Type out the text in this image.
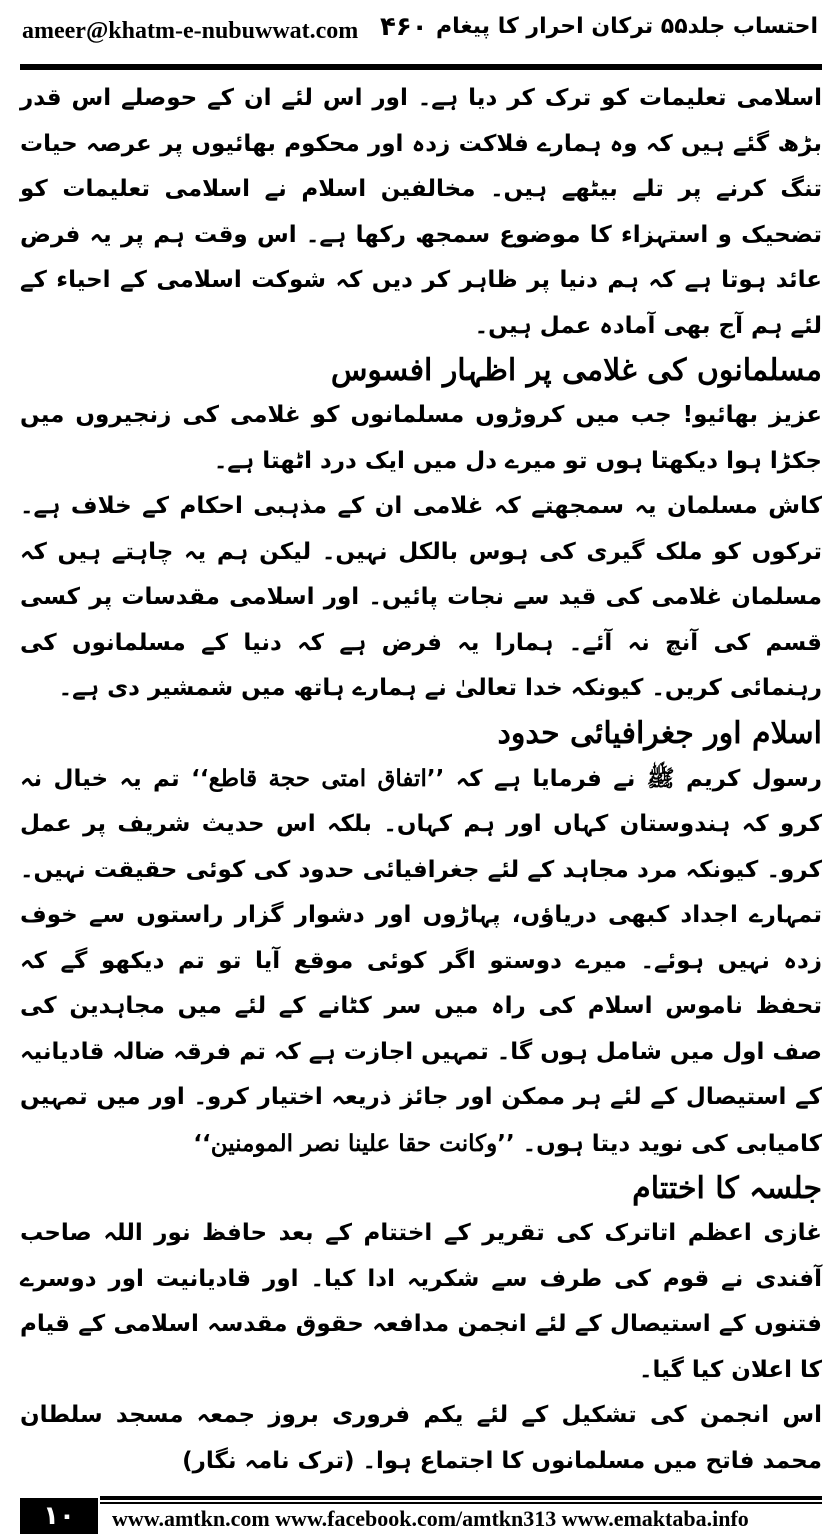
ameer@khatm-e-nubuwwat.com ۴۶۰ احتساب جلد۵۵ ترکان احرار کا پیغام

اسلامی تعلیمات کو ترک کر دیا ہے۔ اور اس لئے ان کے حوصلے اس قدر بڑھ گئے ہیں کہ وہ ہمارے فلاکت زدہ اور محکوم بھائیوں پر عرصہ حیات تنگ کرنے پر تلے بیٹھے ہیں۔ مخالفین اسلام نے اسلامی تعلیمات کو تضحیک و استہزاء کا موضوع سمجھ رکھا ہے۔ اس وقت ہم پر یہ فرض عائد ہوتا ہے کہ ہم دنیا پر ظاہر کر دیں کہ شوکت اسلامی کے احیاء کے لئے ہم آج بھی آمادہ عمل ہیں۔

مسلمانوں کی غلامی پر اظہار افسوس

عزیز بھائیو! جب میں کروڑوں مسلمانوں کو غلامی کی زنجیروں میں جکڑا ہوا دیکھتا ہوں تو میرے دل میں ایک درد اٹھتا ہے۔

کاش مسلمان یہ سمجھتے کہ غلامی ان کے مذہبی احکام کے خلاف ہے۔ ترکوں کو ملک گیری کی ہوس بالکل نہیں۔ لیکن ہم یہ چاہتے ہیں کہ مسلمان غلامی کی قید سے نجات پائیں۔ اور اسلامی مقدسات پر کسی قسم کی آنچ نہ آئے۔ ہمارا یہ فرض ہے کہ دنیا کے مسلمانوں کی رہنمائی کریں۔ کیونکہ خدا تعالیٰ نے ہمارے ہاتھ میں شمشیر دی ہے۔

اسلام اور جغرافیائی حدود

رسول کریم ﷺ نے فرمایا ہے کہ ’’اتفاق امتی حجة قاطع‘‘ تم یہ خیال نہ کرو کہ ہندوستان کہاں اور ہم کہاں۔ بلکہ اس حدیث شریف پر عمل کرو۔ کیونکہ مرد مجاہد کے لئے جغرافیائی حدود کی کوئی حقیقت نہیں۔ تمہارے اجداد کبھی دریاؤں، پہاڑوں اور دشوار گزار راستوں سے خوف زدہ نہیں ہوئے۔ میرے دوستو اگر کوئی موقع آیا تو تم دیکھو گے کہ تحفظ ناموس اسلام کی راہ میں سر کٹانے کے لئے میں مجاہدین کی صف اول میں شامل ہوں گا۔ تمہیں اجازت ہے کہ تم فرقہ ضالہ قادیانیہ کے استیصال کے لئے ہر ممکن اور جائز ذریعہ اختیار کرو۔ اور میں تمہیں کامیابی کی نوید دیتا ہوں۔ ’’وکانت حقا علینا نصر المومنین‘‘

جلسہ کا اختتام

غازی اعظم اتاترک کی تقریر کے اختتام کے بعد حافظ نور اللہ صاحب آفندی نے قوم کی طرف سے شکریہ ادا کیا۔ اور قادیانیت اور دوسرے فتنوں کے استیصال کے لئے انجمن مدافعہ حقوق مقدسہ اسلامی کے قیام کا اعلان کیا گیا۔

اس انجمن کی تشکیل کے لئے یکم فروری بروز جمعہ مسجد سلطان محمد فاتح میں مسلمانوں کا اجتماع ہوا۔ (ترک نامہ نگار)

۱۰	www.amtkn.com www.facebook.com/amtkn313 www.emaktaba.info
